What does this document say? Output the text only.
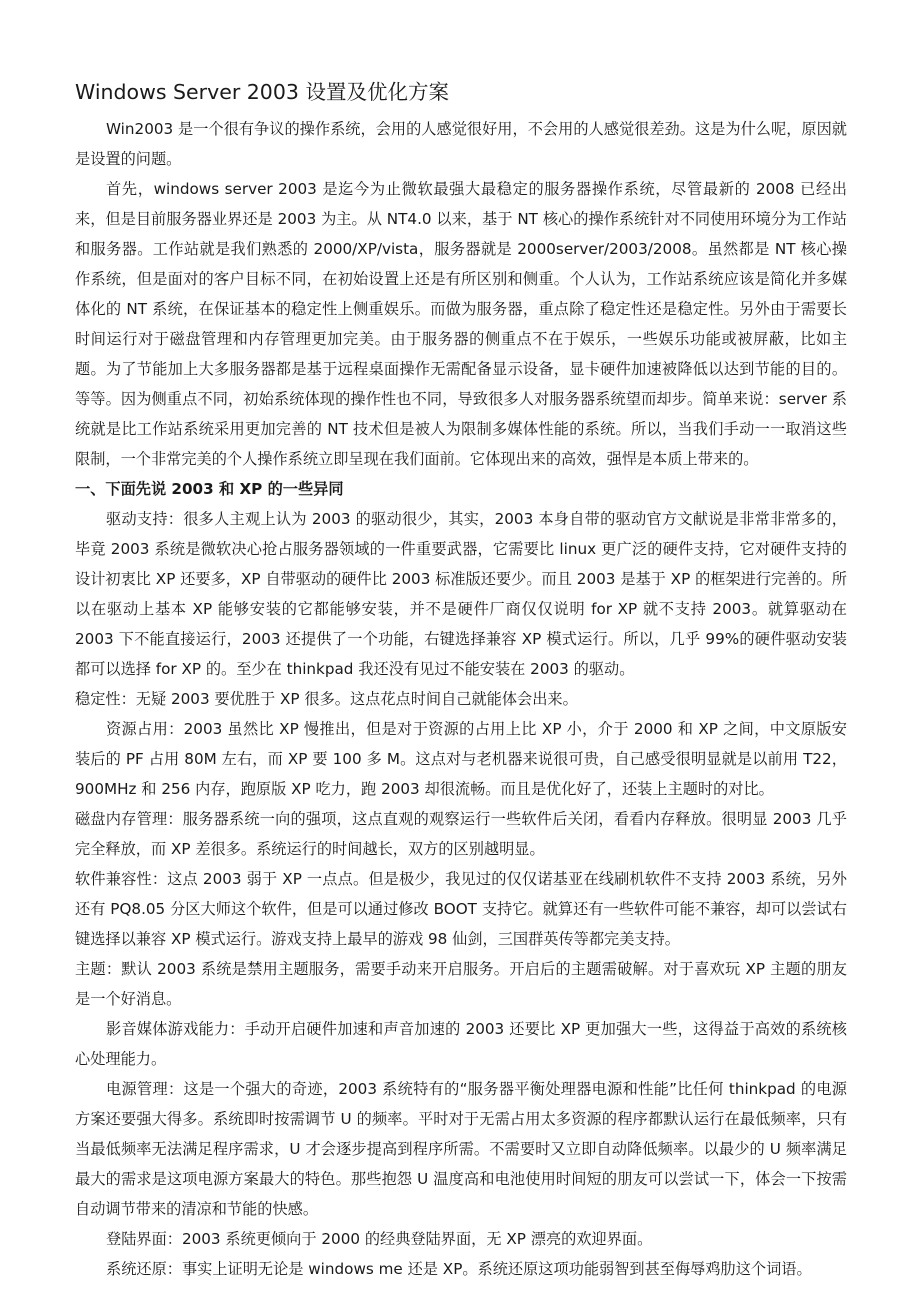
Windows Server 2003 设置及优化方案

Win2003 是一个很有争议的操作系统，会用的人感觉很好用，不会用的人感觉很差劲。这是为什么呢，原因就是设置的问题。

首先，windows server 2003 是迄今为止微软最强大最稳定的服务器操作系统，尽管最新的 2008 已经出来，但是目前服务器业界还是 2003 为主。从 NT4.0 以来，基于 NT 核心的操作系统针对不同使用环境分为工作站和服务器。工作站就是我们熟悉的 2000/XP/vista，服务器就是 2000server/2003/2008。虽然都是 NT 核心操作系统，但是面对的客户目标不同，在初始设置上还是有所区别和侧重。个人认为，工作站系统应该是简化并多媒体化的 NT 系统，在保证基本的稳定性上侧重娱乐。而做为服务器，重点除了稳定性还是稳定性。另外由于需要长时间运行对于磁盘管理和内存管理更加完美。由于服务器的侧重点不在于娱乐，一些娱乐功能或被屏蔽，比如主题。为了节能加上大多服务器都是基于远程桌面操作无需配备显示设备，显卡硬件加速被降低以达到节能的目的。等等。因为侧重点不同，初始系统体现的操作性也不同，导致很多人对服务器系统望而却步。简单来说：server 系统就是比工作站系统采用更加完善的 NT 技术但是被人为限制多媒体性能的系统。所以，当我们手动一一取消这些限制，一个非常完美的个人操作系统立即呈现在我们面前。它体现出来的高效，强悍是本质上带来的。

一、下面先说 2003 和 XP 的一些异同

驱动支持：很多人主观上认为 2003 的驱动很少，其实，2003 本身自带的驱动官方文献说是非常非常多的，毕竟 2003 系统是微软决心抢占服务器领域的一件重要武器，它需要比 linux 更广泛的硬件支持，它对硬件支持的设计初衷比 XP 还要多，XP 自带驱动的硬件比 2003 标准版还要少。而且 2003 是基于 XP 的框架进行完善的。所以在驱动上基本 XP 能够安装的它都能够安装，并不是硬件厂商仅仅说明 for XP 就不支持 2003。就算驱动在 2003 下不能直接运行，2003 还提供了一个功能，右键选择兼容 XP 模式运行。所以，几乎 99%的硬件驱动安装都可以选择 for XP 的。至少在 thinkpad 我还没有见过不能安装在 2003 的驱动。

稳定性：无疑 2003 要优胜于 XP 很多。这点花点时间自己就能体会出来。

资源占用：2003 虽然比 XP 慢推出，但是对于资源的占用上比 XP 小，介于 2000 和 XP 之间，中文原版安装后的 PF 占用 80M 左右，而 XP 要 100 多 M。这点对与老机器来说很可贵，自己感受很明显就是以前用 T22，900MHz 和 256 内存，跑原版 XP 吃力，跑 2003 却很流畅。而且是优化好了，还装上主题时的对比。

磁盘内存管理：服务器系统一向的强项，这点直观的观察运行一些软件后关闭，看看内存释放。很明显 2003 几乎完全释放，而 XP 差很多。系统运行的时间越长，双方的区别越明显。

软件兼容性：这点 2003 弱于 XP 一点点。但是极少，我见过的仅仅诺基亚在线刷机软件不支持 2003 系统，另外还有 PQ8.05 分区大师这个软件，但是可以通过修改 BOOT 支持它。就算还有一些软件可能不兼容，却可以尝试右键选择以兼容 XP 模式运行。游戏支持上最早的游戏 98 仙剑，三国群英传等都完美支持。

主题：默认 2003 系统是禁用主题服务，需要手动来开启服务。开启后的主题需破解。对于喜欢玩 XP 主题的朋友是一个好消息。

影音媒体游戏能力：手动开启硬件加速和声音加速的 2003 还要比 XP 更加强大一些，这得益于高效的系统核心处理能力。

电源管理：这是一个强大的奇迹，2003 系统特有的“服务器平衡处理器电源和性能”比任何 thinkpad 的电源方案还要强大得多。系统即时按需调节 U 的频率。平时对于无需占用太多资源的程序都默认运行在最低频率，只有当最低频率无法满足程序需求，U 才会逐步提高到程序所需。不需要时又立即自动降低频率。以最少的 U 频率满足最大的需求是这项电源方案最大的特色。那些抱怨 U 温度高和电池使用时间短的朋友可以尝试一下，体会一下按需自动调节带来的清凉和节能的快感。

登陆界面：2003 系统更倾向于 2000 的经典登陆界面，无 XP 漂亮的欢迎界面。

系统还原：事实上证明无论是 windows me 还是 XP。系统还原这项功能弱智到甚至侮辱鸡肋这个词语。
